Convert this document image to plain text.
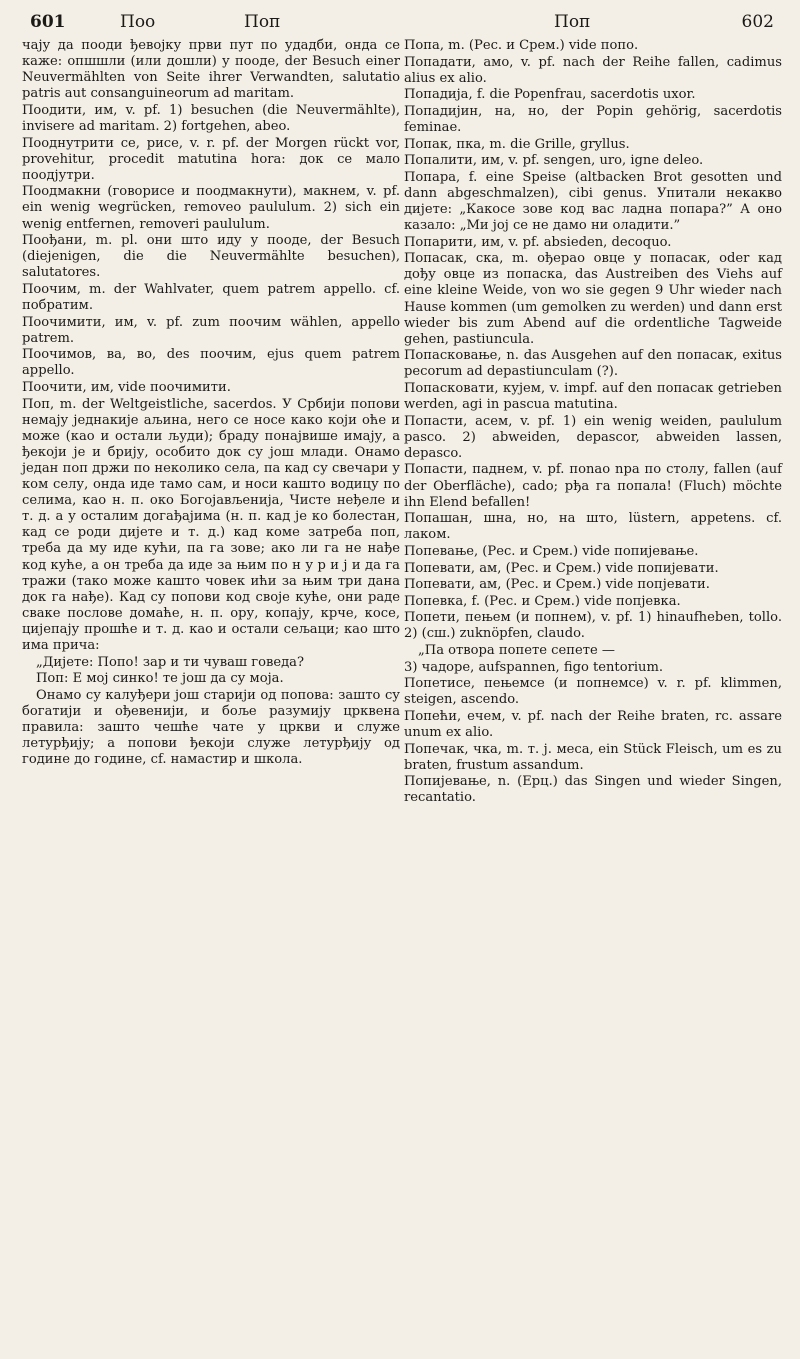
601	Поо	Поп	Поп	602

чају да пооди ђевојку први пут по удадби, онда се каже: опшшли (или дошли) у пооде, der Besuch einer Neuvermählten von Seite ihrer Verwandten, salutatio patris aut consanguineorum ad maritam.

Поодити, им, v. pf. 1) besuchen (die Neuvermählte), invisere ad maritam. 2) fortgehen, abeo.

Пооднутрити се, рисе, v. r. pf. der Morgen rückt vor, provehitur, procedit matutina hora: док се мало поодјутри.

Поодмакни (говорисе и поодмакнути), макнем, v. pf. ein wenig wegrücken, removeo paululum. 2) sich ein wenig entfernen, removeri paululum.

Поођани, m. pl. они што иду у пооде, der Besuch (diejenigen, die die Neuvermählte besuchen), salutatores.

Поочим, m. der Wahlvater, quem patrem appello. cf. побратим.

Поочимити, им, v. pf. zum поочим wählen, appello patrem.

Поочимов, ва, во, des поочим, ejus quem patrem appello.

Поочити, им, vide поочимити.

Поп, m. der Weltgeistliche, sacerdos. У Србији попови немају једнакије аљина, него се носе како који оће и може (као и остали људи); браду понајвише имају, а ђекоји је и брију, особито док су још млади. Онамо један поп држи по неколико села, па кад су свечари у ком селу, онда иде тамо сам, и носи кашто водицу по селима, као н. п. око Богојављенија, Чисте неђеле и т. д. а у осталим догађајима (н. п. кад је ко болестан, кад се роди дијете и т. д.) кад коме затреба поп, треба да му иде кући, па га зове; ако ли га не нађе код куће, а он треба да иде за њим по н у р и ј и да га тражи (тако може кашто човек ићи за њим три дана док га нађе). Кад су попови код своје куће, они раде сваке послове домаће, н. п. ору, копају, крче, косе, цијепају прошће и т. д. као и остали сељаци; као што има прича:

„Дијете: Попо! зар и ти чуваш говеда?

Поп: Е мој синко! те још да су моја.

Онамо су калуђери још старији од попова: зашто су богатији и ођевенији, и боље разумију црквена правила: зашто чешће чате у цркви и служе летурђију; а попови ђекоји служе летурђију од године до године, cf. намастир и школа.

Попа, m. (Рес. и Срем.) vide попо.

Попадати, амо, v. pf. nach der Reihe fallen, cadimus alius ex alio.

Попадија, f. die Popenfrau, sacerdotis uxor.

Попадијин, на, но, der Popin gehörig, sacerdotis feminae.

Попак, пка, m. die Grille, gryllus.

Попалити, им, v. pf. sengen, uro, igne deleo.

Попара, f. eine Speise (altbacken Brot gesotten und dann abgeschmalzen), cibi genus. Упитали некакво дијете: „Какосе зове код вас ладна попара?” А оно казало: „Ми јој се не дамо ни оладити.”

Попарити, им, v. pf. absieden, decoquo.

Попасак, ска, m. ођерао овце у попасак, oder кад дођу овце из попаска, das Austreiben des Viehs auf eine kleine Weide, von wo sie gegen 9 Uhr wieder nach Hause kommen (um gemolken zu werden) und dann erst wieder bis zum Abend auf die ordentliche Tagweide gehen, pastiuncula.

Попасковање, n. das Ausgehen auf den попасак, exitus pecorum ad depastiunculam (?).

Попасковати, кујем, v. impf. auf den попасак getrieben werden, agi in pascua matutina.

Попасти, асем, v. pf. 1) ein wenig weiden, paululum pasco. 2) abweiden, depascor, abweiden lassen, depasco.

Попасти, паднем, v. pf. поnao npa по столу, fallen (auf der Oberfläche), cado; рђа га попала! (Fluch) möchte ihn Elend befallen!

Попашан, шна, но, на што, lüstern, appetens. cf. лаком.

Попевање, (Рес. и Срем.) vide попијевање.

Попевати, ам, (Рес. и Срем.) vide попијевати.

Попевати, ам, (Рес. и Срем.) vide попјевати.

Попевка, f. (Рес. и Срем.) vide попјевка.

Попети, пењем (и попнем), v. pf. 1) hinaufheben, tollo. 2) (сш.) zuknöpfen, claudo.

„Па отвора попете сепете —

3) чадоре, aufspannen, figo tentorium.

Попетисе, пењемсе (и попнемсе) v. r. pf. klimmen, steigen, ascendo.

Попећи, ечем, v. pf. nach der Reihe braten, rc. assare unum ex alio.

Попечак, чка, m. т. ј. меса, ein Stück Fleisch, um es zu braten, frustum assandum.

Попијевање, n. (Ерц.) das Singen und wieder Singen, recantatio.
